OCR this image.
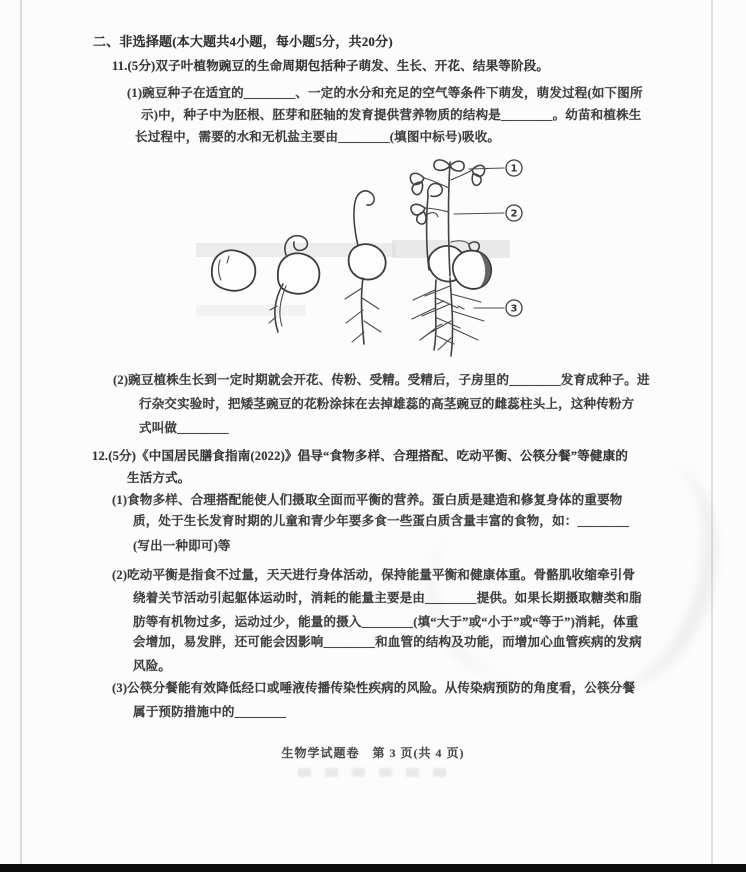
二、非选择题(本大题共4小题，每小题5分，共20分)
11.(5分)双子叶植物豌豆的生命周期包括种子萌发、生长、开花、结果等阶段。
(1)豌豆种子在适宜的________、一定的水分和充足的空气等条件下萌发，萌发过程(如下图所
示)中，种子中为胚根、胚芽和胚轴的发育提供营养物质的结构是________。幼苗和植株生
长过程中，需要的水和无机盐主要由________(填图中标号)吸收。
1
2
3
(2)豌豆植株生长到一定时期就会开花、传粉、受精。受精后，子房里的________发育成种子。进
行杂交实验时，把矮茎豌豆的花粉涂抹在去掉雄蕊的高茎豌豆的雌蕊柱头上，这种传粉方
式叫做________
12.(5分)《中国居民膳食指南(2022)》倡导“食物多样、合理搭配、吃动平衡、公筷分餐”等健康的
生活方式。
(1)食物多样、合理搭配能使人们摄取全面而平衡的营养。蛋白质是建造和修复身体的重要物
质，处于生长发育时期的儿童和青少年要多食一些蛋白质含量丰富的食物，如：________
(写出一种即可)等
(2)吃动平衡是指食不过量，天天进行身体活动，保持能量平衡和健康体重。骨骼肌收缩牵引骨
绕着关节活动引起躯体运动时，消耗的能量主要是由________提供。如果长期摄取糖类和脂
肪等有机物过多，运动过少，能量的摄入________(填“大于”或“小于”或“等于”)消耗，体重
会增加，易发胖，还可能会因影响________和血管的结构及功能，而增加心血管疾病的发病
风险。
(3)公筷分餐能有效降低经口或唾液传播传染性疾病的风险。从传染病预防的角度看，公筷分餐
属于预防措施中的________
生物学试题卷　第 3 页(共 4 页)
